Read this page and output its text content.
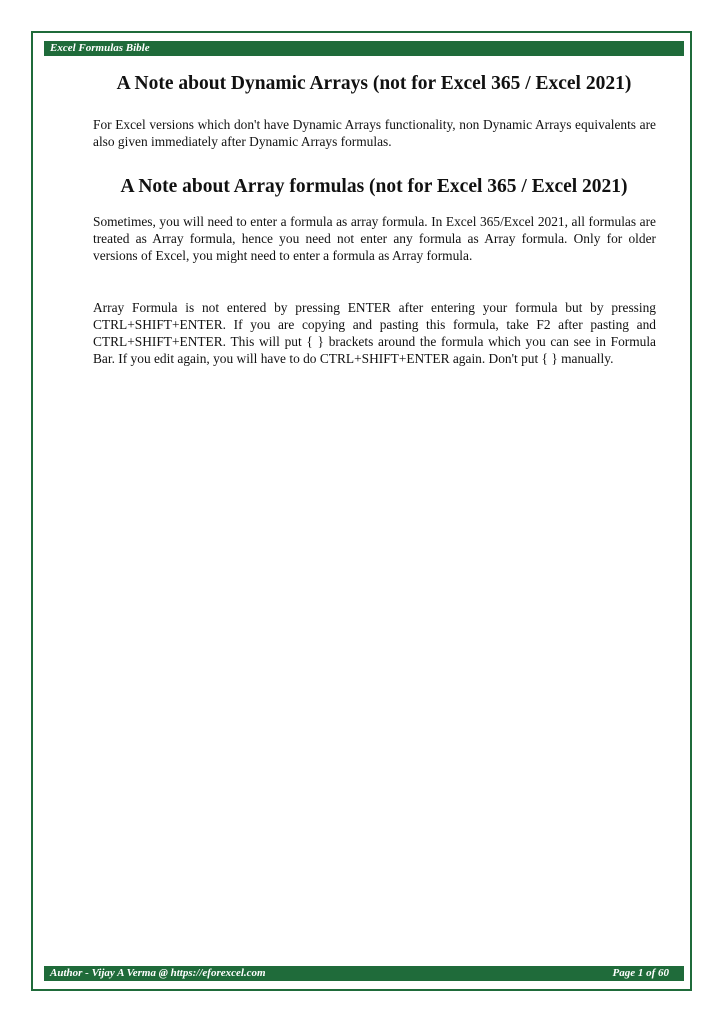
Excel Formulas Bible
A Note about Dynamic Arrays (not for Excel 365 / Excel 2021)

For Excel versions which don't have Dynamic Arrays functionality, non Dynamic Arrays equivalents are also given immediately after Dynamic Arrays formulas.

A Note about Array formulas (not for Excel 365 / Excel 2021)

Sometimes, you will need to enter a formula as array formula. In Excel 365/Excel 2021, all formulas are treated as Array formula, hence you need not enter any formula as Array formula. Only for older versions of Excel, you might need to enter a formula as Array formula.

Array Formula is not entered by pressing ENTER after entering your formula but by pressing CTRL+SHIFT+ENTER. If you are copying and pasting this formula, take F2 after pasting and CTRL+SHIFT+ENTER. This will put { } brackets around the formula which you can see in Formula Bar. If you edit again, you will have to do CTRL+SHIFT+ENTER again. Don't put { } manually.

Author - Vijay A Verma @ https://eforexcel.com	Page 1 of 60
